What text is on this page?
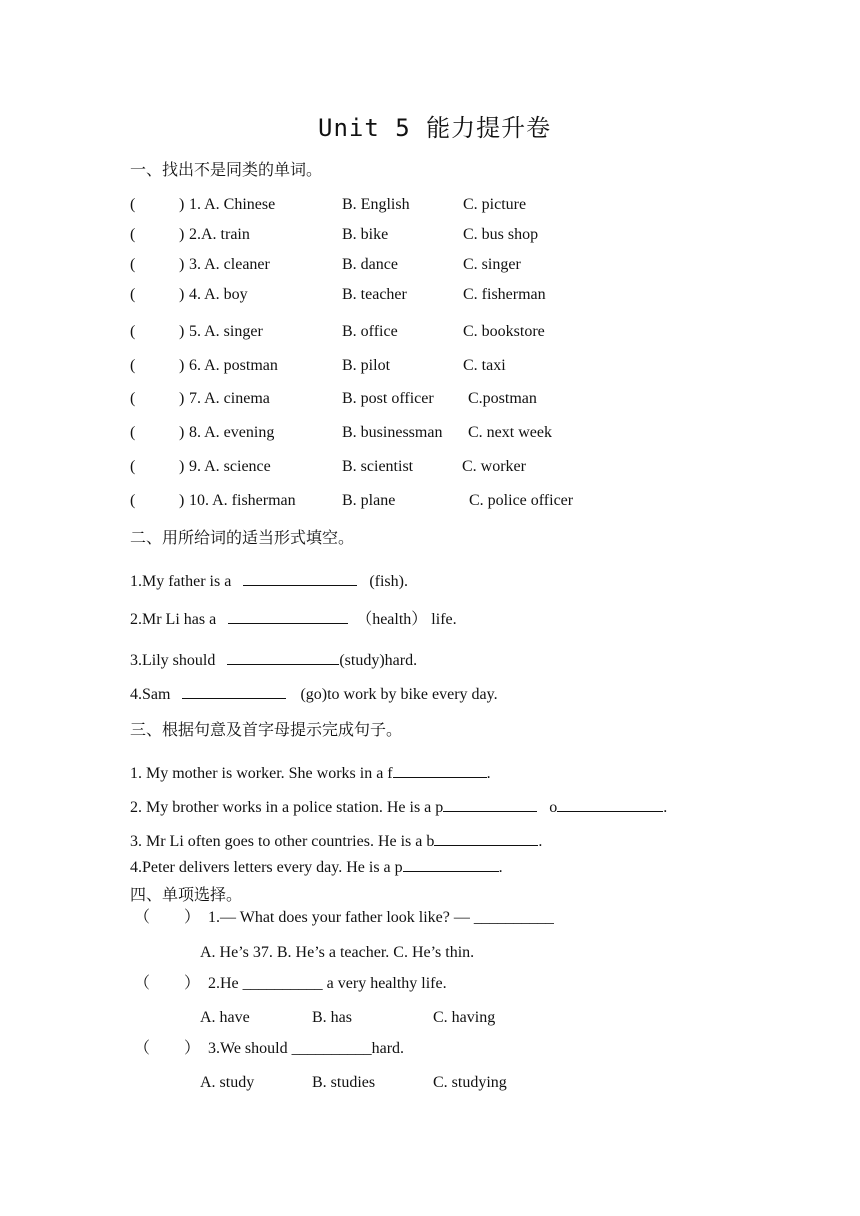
Unit 5 能力提升卷
一、找出不是同类的单词。
(	) 1. A. Chinese	B. English	C. picture
(	) 2.A. train	B. bike	C. bus shop
(	) 3. A. cleaner	B. dance	C. singer
(	) 4. A. boy	B. teacher	C. fisherman
(	) 5. A. singer	B. office	C. bookstore
(	) 6. A. postman	B. pilot	C. taxi
(	) 7. A. cinema	B. post officer C.postman
(	) 8. A. evening	B. businessman C. next week
(	) 9. A. science	B. scientist	C. worker
(	) 10. A. fisherman	B. plane	C. police officer
二、用所给词的适当形式填空。
1.My father is a	(fish).
2.Mr Li has a	（health） life.
3.Lily should	(study)hard.
4.Sam	(go)to work by bike every day.
三、根据句意及首字母提示完成句子。
1. My mother is worker. She works in a f	.
2. My brother works in a police station. He is a p	o	.
3. Mr Li often goes to other countries. He is a b	.
4.Peter delivers letters every day. He is a p	.
四、单项选择。
（ ） 1.— What does your father look like? — __________
A. He’s 37. B. He’s a teacher. C. He’s thin.
（ ） 2.He __________ a very healthy life.
A. have	B. has	C. having
（ ） 3.We should __________hard.
A. study	B. studies	C. studying
